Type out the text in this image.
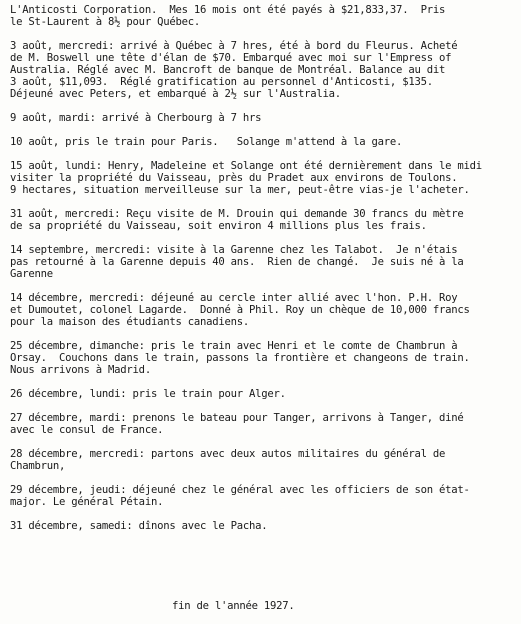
L'Anticosti Corporation.  Mes 16 mois ont été payés à $21,833,37.  Pris
le St-Laurent à 8½ pour Québec.
3 août, mercredi: arrivé à Québec à 7 hres, été à bord du Fleurus. Acheté
de M. Boswell une tête d'élan de $70. Embarqué avec moi sur l'Empress of
Australia. Réglé avec M. Bancroft de banque de Montréal. Balance au dit
3 août, $11,093.  Réglé gratification au personnel d'Anticosti, $135.
Déjeuné avec Peters, et embarqué à 2½ sur l'Australia.
9 août, mardi: arrivé à Cherbourg à 7 hrs
10 août, pris le train pour Paris.   Solange m'attend à la gare.
15 août, lundi: Henry, Madeleine et Solange ont été dernièrement dans le midi
visiter la propriété du Vaisseau, près du Pradet aux environs de Toulons.
9 hectares, situation merveilleuse sur la mer, peut-être vias-je l'acheter.
31 août, mercredi: Reçu visite de M. Drouin qui demande 30 francs du mètre
de sa propriété du Vaisseau, soit environ 4 millions plus les frais.
14 septembre, mercredi: visite à la Garenne chez les Talabot.  Je n'étais
pas retourné à la Garenne depuis 40 ans.  Rien de changé.  Je suis né à la
Garenne
14 décembre, mercredi: déjeuné au cercle inter allié avec l'hon. P.H. Roy
et Dumoutet, colonel Lagarde.  Donné à Phil. Roy un chèque de 10,000 francs
pour la maison des étudiants canadiens.
25 décembre, dimanche: pris le train avec Henri et le comte de Chambrun à
Orsay.  Couchons dans le train, passons la frontière et changeons de train.
Nous arrivons à Madrid.
26 décembre, lundi: pris le train pour Alger.
27 décembre, mardi: prenons le bateau pour Tanger, arrivons à Tanger, diné
avec le consul de France.
28 décembre, mercredi: partons avec deux autos militaires du général de
Chambrun,
29 décembre, jeudi: déjeuné chez le général avec les officiers de son état-
major. Le général Pétain.
31 décembre, samedi: dînons avec le Pacha.
fin de l'année 1927.
